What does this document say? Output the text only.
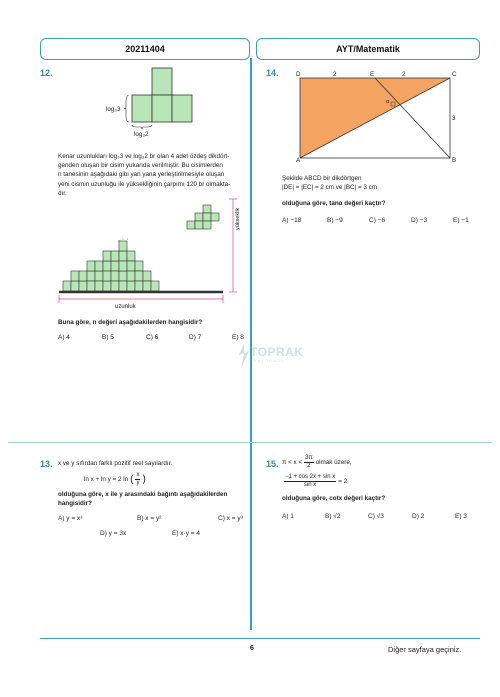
20211404	AYT/Matematik
12.
log₃3
log₃2
Kenar uzunlukları log₃3 ve log₃2 br olan 4 adet özdeş dikdört-
genden oluşan bir cisim yukarıda verilmiştir. Bu cisimlerden
n tanesinin aşağıdaki gibi yan yana yerleştirilmesiyle oluşan
yeni cismin uzunluğu ile yüksekliğinin çarpımı 120 br olmakta-
dır.
. · ·
yükseklik
uzunluk
Buna göre, n değeri aşağıdakilerden hangisidir?
A) 4	B) 5	C) 6	D) 7	E) 8
TOPRAK
Y A Y I N L A R I
13. x ve y sıfırdan farklı pozitif reel sayılardır.
ln x + ln y = 2 ln ( $\frac{x}{y}$ )
olduğuna göre, x ile y arasındaki bağıntı aşağıdakilerden
hangisidir?
A) y = x³	B) x = y²	C) x = y³
D) y = 3x	E) x·y = 4
14.	D	E	C
A	B
2	2
3
α
Şekilde ABCD bir dikdörtgen
|DE| = |EC| = 2 cm ve |BC| = 3 cm
olduğuna göre, tanα değeri kaçtır?
A) −18	B) −9	C) −6	D) −3	E) −1
15. $\pi < x < \frac{3\pi}{2}$ olmak üzere,
$\frac{\text{−1 + cos 2x + sin x}}{\text{sin x}} = 2$
olduğuna göre, cotx değeri kaçtır?
A) 1	B) √2	C) √3	D) 2	E) 3
6	Diğer sayfaya geçiniz.
